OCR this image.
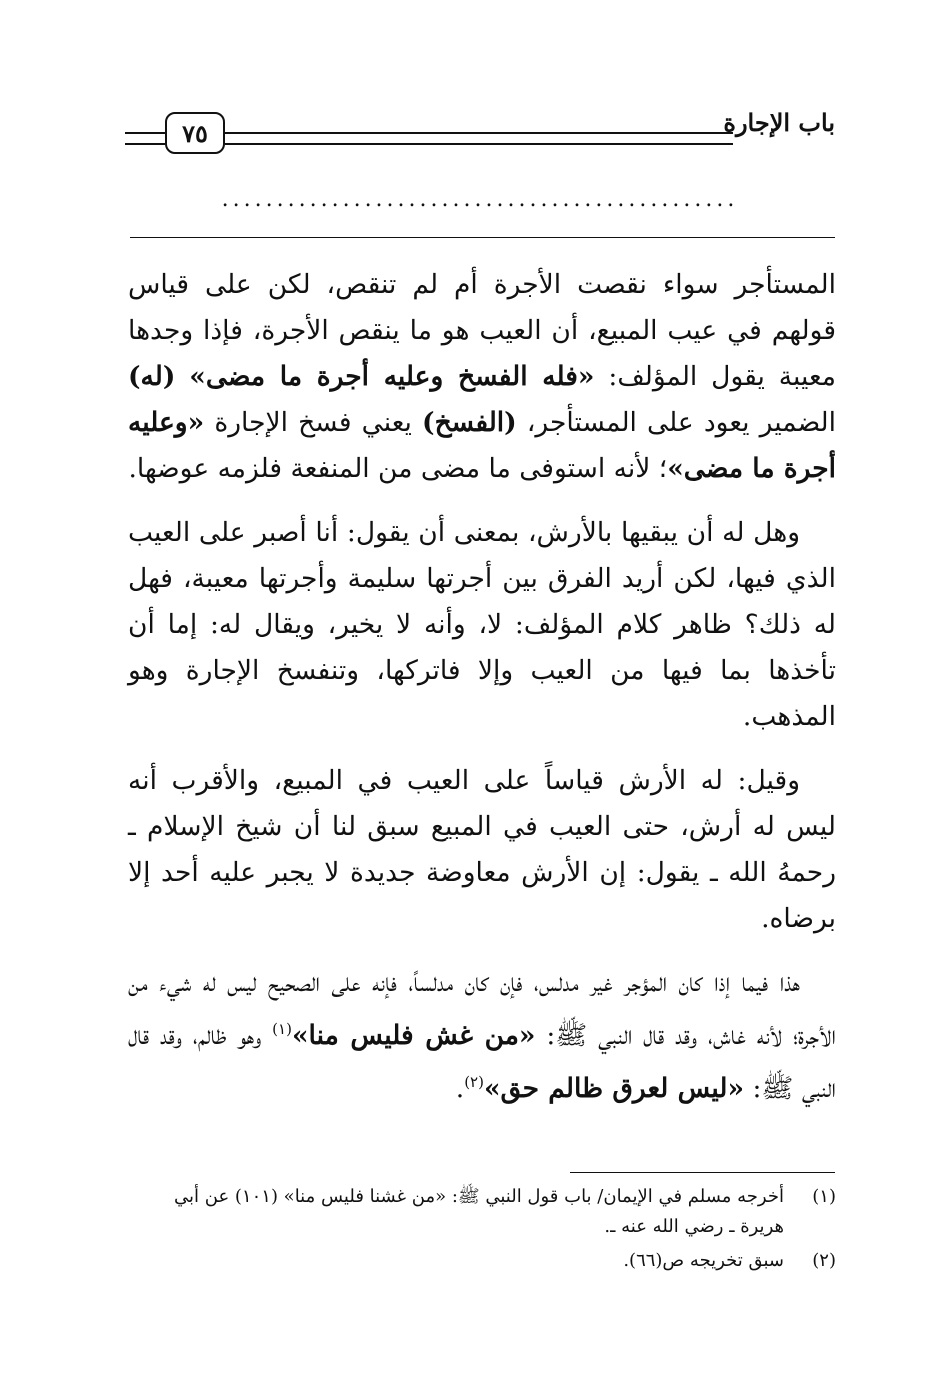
٧٥	باب الإجارة
...............................................

المستأجر سواء نقصت الأجرة أم لم تنقص، لكن على قياس قولهم في عيب المبيع، أن العيب هو ما ينقص الأجرة، فإذا وجدها معيبة يقول المؤلف: «فله الفسخ وعليه أجرة ما مضى» (له) الضمير يعود على المستأجر، (الفسخ) يعني فسخ الإجارة «وعليه أجرة ما مضى»؛ لأنه استوفى ما مضى من المنفعة فلزمه عوضها.

وهل له أن يبقيها بالأرش، بمعنى أن يقول: أنا أصبر على العيب الذي فيها، لكن أريد الفرق بين أجرتها سليمة وأجرتها معيبة، فهل له ذلك؟ ظاهر كلام المؤلف: لا، وأنه لا يخير، ويقال له: إما أن تأخذها بما فيها من العيب وإلا فاتركها، وتنفسخ الإجارة وهو المذهب.

وقيل: له الأرش قياساً على العيب في المبيع، والأقرب أنه ليس له أرش، حتى العيب في المبيع سبق لنا أن شيخ الإسلام ـ رحمهُ الله ـ يقول: إن الأرش معاوضة جديدة لا يجبر عليه أحد إلا برضاه.

هذا فيما إذا كان المؤجر غير مدلس، فإن كان مدلساً، فإنه على الصحيح ليس له شيء من الأجرة؛ لأنه غاش، وقد قال النبي ﷺ: «من غش فليس منا»$^{(١)}$ وهو ظالم، وقد قال النبي ﷺ: «ليس لعرق ظالم حق»$^{(٢)}$.

(١)
أخرجه مسلم في الإيمان/ باب قول النبي ﷺ: «من غشنا فليس منا» (١٠١) عن أبي هريرة ـ رضي الله عنه ـ.
(٢)
سبق تخريجه ص(٦٦).
